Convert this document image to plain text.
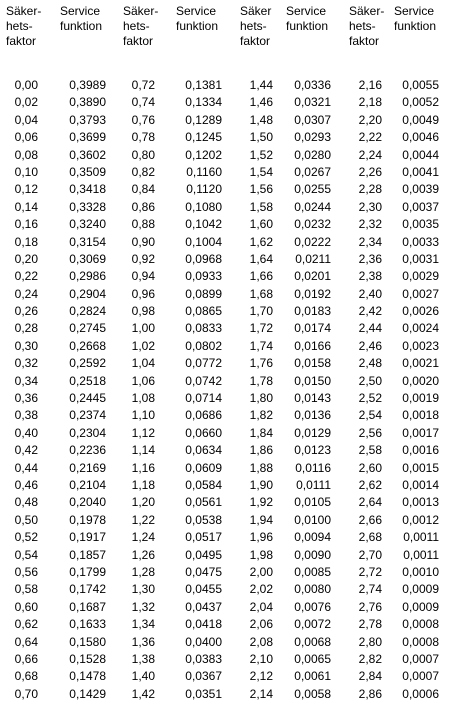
Säker-
hets-
faktor
Service
funktion
Säker-
hets-
faktor
Service
funktion
Säker
hets-
faktor
Service
funktion
Säker-
hets-
faktor
Service
funktion
0,00
0,02
0,04
0,06
0,08
0,10
0,12
0,14
0,16
0,18
0,20
0,22
0,24
0,26
0,28
0,30
0,32
0,34
0,36
0,38
0,40
0,42
0,44
0,46
0,48
0,50
0,52
0,54
0,56
0,58
0,60
0,62
0,64
0,66
0,68
0,70
0,3989
0,3890
0,3793
0,3699
0,3602
0,3509
0,3418
0,3328
0,3240
0,3154
0,3069
0,2986
0,2904
0,2824
0,2745
0,2668
0,2592
0,2518
0,2445
0,2374
0,2304
0,2236
0,2169
0,2104
0,2040
0,1978
0,1917
0,1857
0,1799
0,1742
0,1687
0,1633
0,1580
0,1528
0,1478
0,1429
0,72
0,74
0,76
0,78
0,80
0,82
0,84
0,86
0,88
0,90
0,92
0,94
0,96
0,98
1,00
1,02
1,04
1,06
1,08
1,10
1,12
1,14
1,16
1,18
1,20
1,22
1,24
1,26
1,28
1,30
1,32
1,34
1,36
1,38
1,40
1,42
0,1381
0,1334
0,1289
0,1245
0,1202
0,1160
0,1120
0,1080
0,1042
0,1004
0,0968
0,0933
0,0899
0,0865
0,0833
0,0802
0,0772
0,0742
0,0714
0,0686
0,0660
0,0634
0,0609
0,0584
0,0561
0,0538
0,0517
0,0495
0,0475
0,0455
0,0437
0,0418
0,0400
0,0383
0,0367
0,0351
1,44
1,46
1,48
1,50
1,52
1,54
1,56
1,58
1,60
1,62
1,64
1,66
1,68
1,70
1,72
1,74
1,76
1,78
1,80
1,82
1,84
1,86
1,88
1,90
1,92
1,94
1,96
1,98
2,00
2,02
2,04
2,06
2,08
2,10
2,12
2,14
0,0336
0,0321
0,0307
0,0293
0,0280
0,0267
0,0255
0,0244
0,0232
0,0222
0,0211
0,0201
0,0192
0,0183
0,0174
0,0166
0,0158
0,0150
0,0143
0,0136
0,0129
0,0123
0,0116
0,0111
0,0105
0,0100
0,0094
0,0090
0,0085
0,0080
0,0076
0,0072
0,0068
0,0065
0,0061
0,0058
2,16
2,18
2,20
2,22
2,24
2,26
2,28
2,30
2,32
2,34
2,36
2,38
2,40
2,42
2,44
2,46
2,48
2,50
2,52
2,54
2,56
2,58
2,60
2,62
2,64
2,66
2,68
2,70
2,72
2,74
2,76
2,78
2,80
2,82
2,84
2,86
0,0055
0,0052
0,0049
0,0046
0,0044
0,0041
0,0039
0,0037
0,0035
0,0033
0,0031
0,0029
0,0027
0,0026
0,0024
0,0023
0,0021
0,0020
0,0019
0,0018
0,0017
0,0016
0,0015
0,0014
0,0013
0,0012
0,0011
0,0011
0,0010
0,0009
0,0009
0,0008
0,0008
0,0007
0,0007
0,0006
